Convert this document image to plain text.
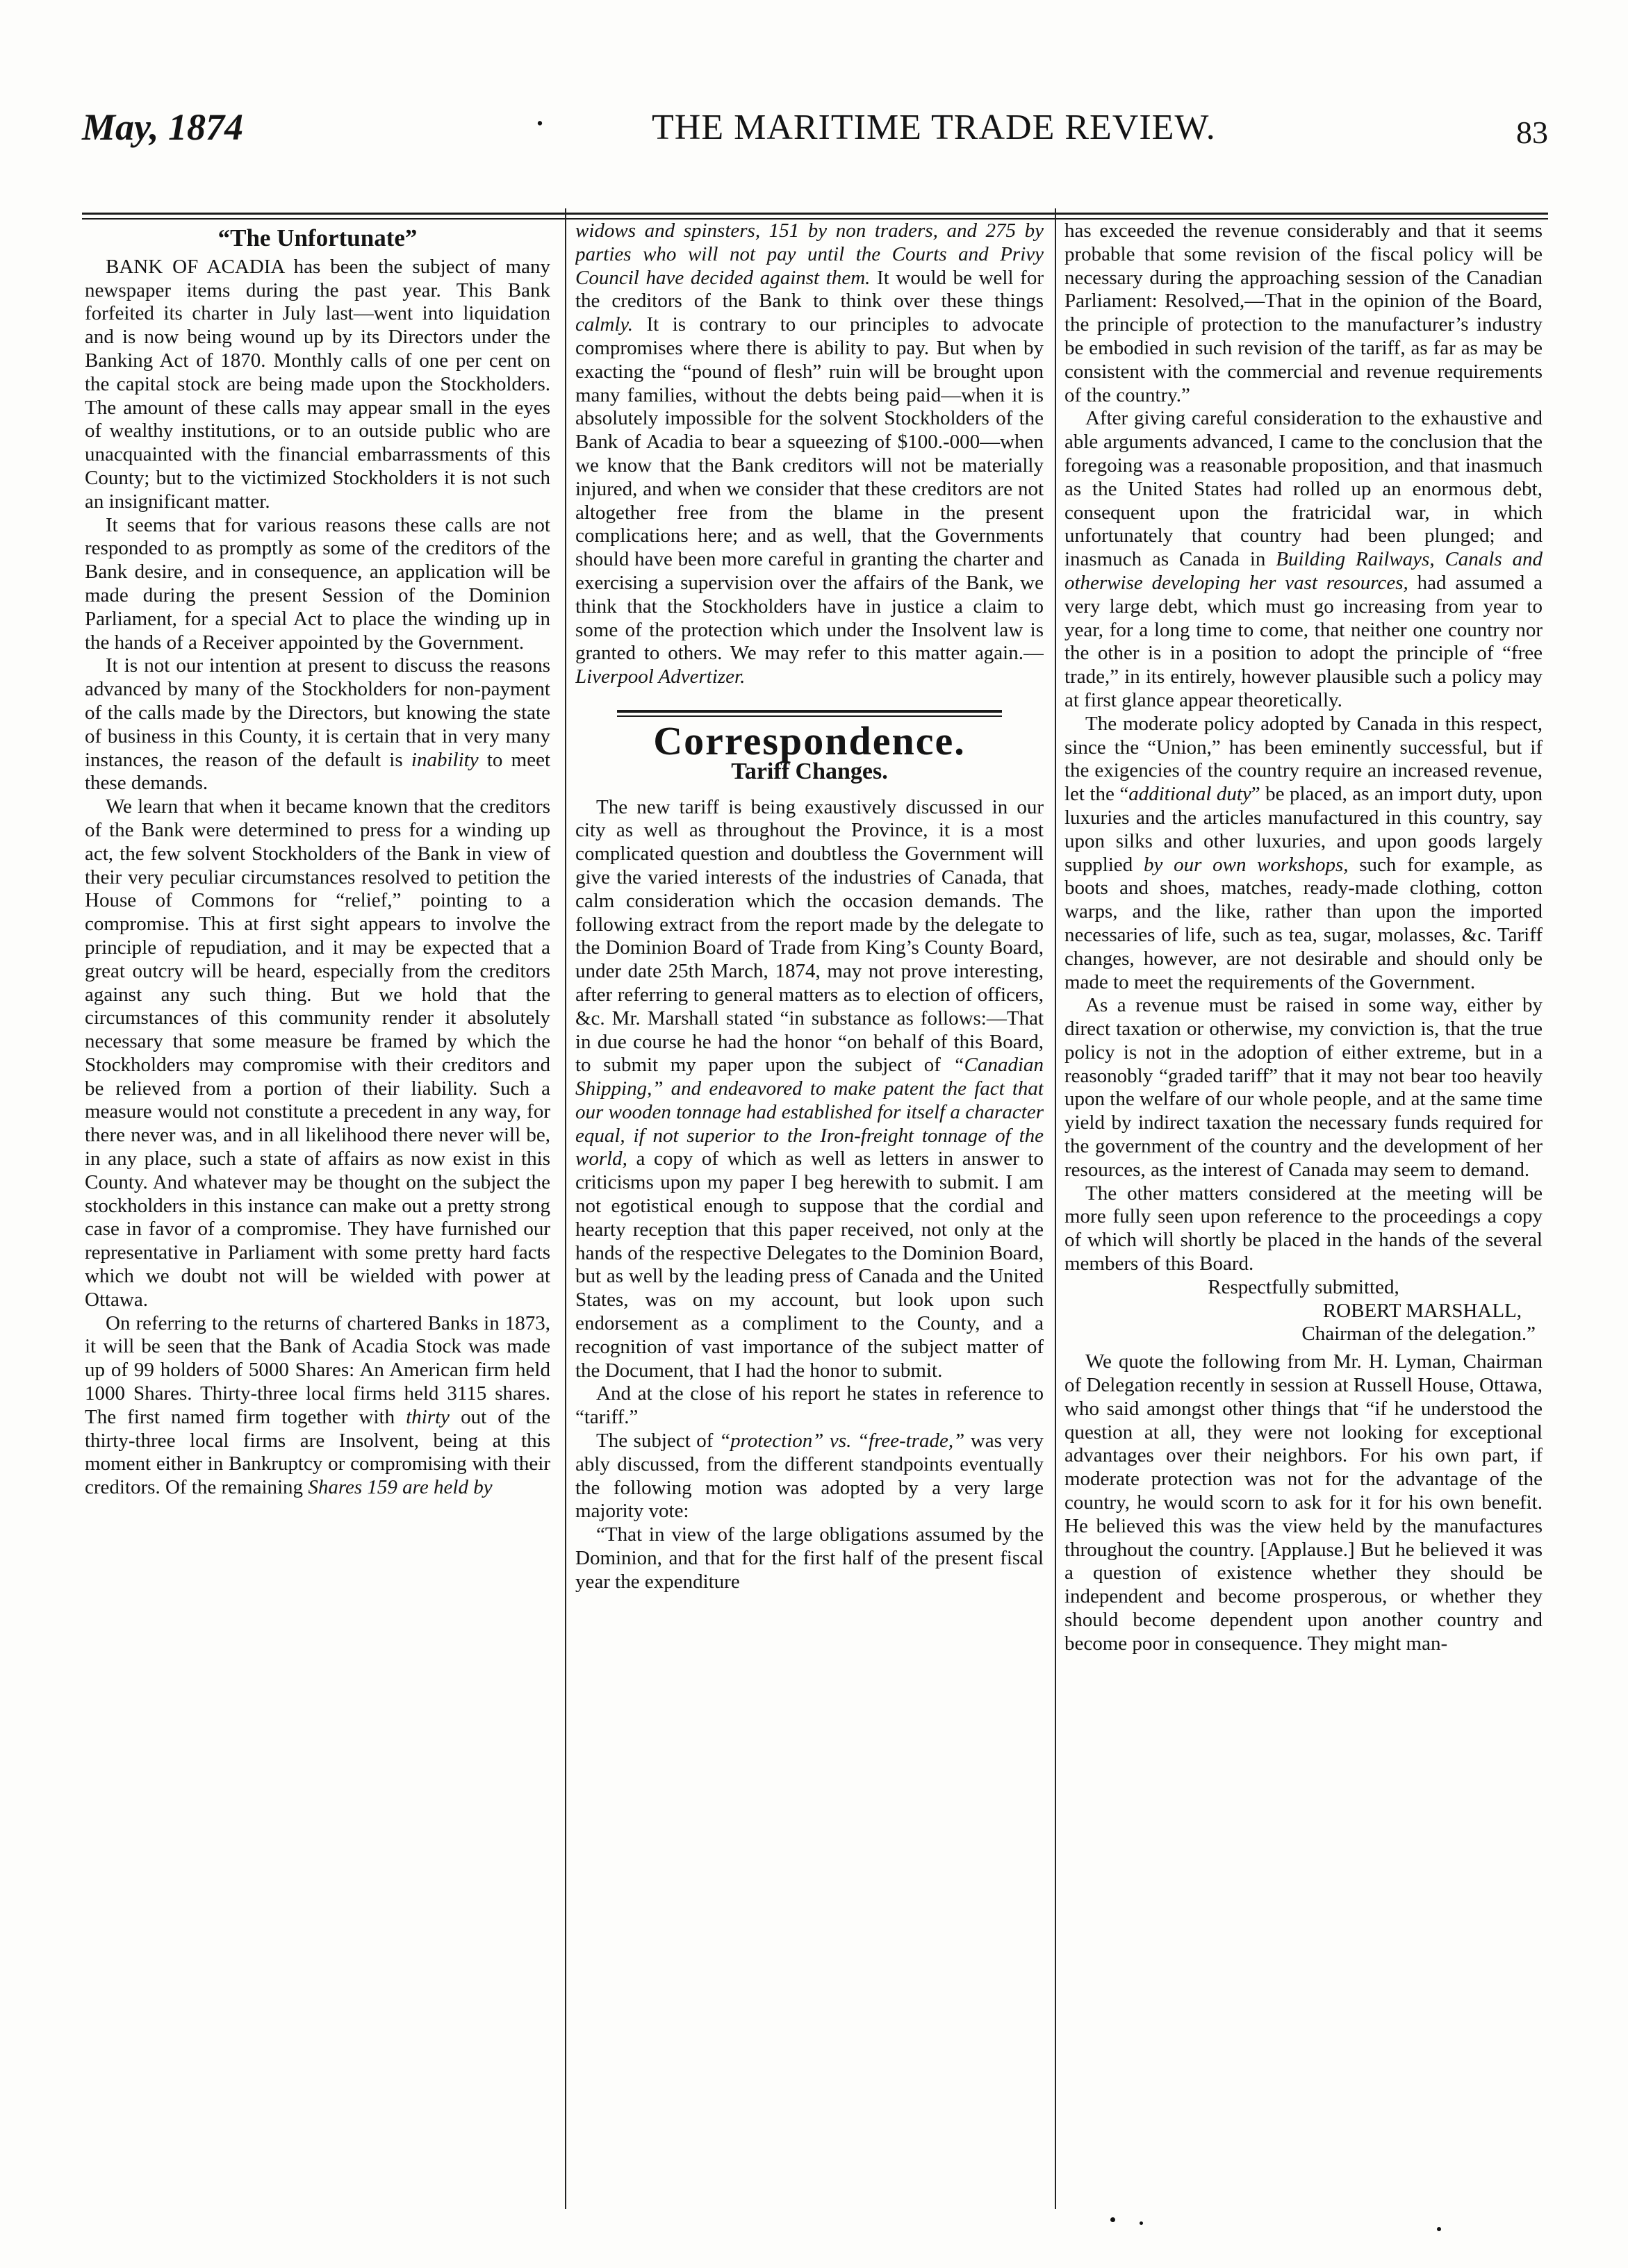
May, 1874	·	THE MARITIME TRADE REVIEW.	83
“The Unfortunate”

BANK OF ACADIA has been the subject of many newspaper items during the past year. This Bank forfeited its charter in July last—went into liquidation and is now being wound up by its Directors under the Banking Act of 1870. Monthly calls of one per cent on the capital stock are being made upon the Stockholders. The amount of these calls may appear small in the eyes of wealthy institutions, or to an outside public who are unacquainted with the financial embarrassments of this County; but to the victimized Stockholders it is not such an insignificant matter.

It seems that for various reasons these calls are not responded to as promptly as some of the creditors of the Bank desire, and in consequence, an application will be made during the present Session of the Dominion Parliament, for a special Act to place the winding up in the hands of a Receiver appointed by the Government.

It is not our intention at present to discuss the reasons advanced by many of the Stockholders for non-payment of the calls made by the Directors, but knowing the state of business in this County, it is certain that in very many instances, the reason of the default is inability to meet these demands.

We learn that when it became known that the creditors of the Bank were determined to press for a winding up act, the few solvent Stockholders of the Bank in view of their very peculiar circumstances resolved to petition the House of Commons for “relief,” pointing to a compromise. This at first sight appears to involve the principle of repudiation, and it may be expected that a great outcry will be heard, especially from the creditors against any such thing. But we hold that the circumstances of this community render it absolutely necessary that some measure be framed by which the Stockholders may compromise with their creditors and be relieved from a portion of their liability. Such a measure would not constitute a precedent in any way, for there never was, and in all likelihood there never will be, in any place, such a state of affairs as now exist in this County. And whatever may be thought on the subject the stockholders in this instance can make out a pretty strong case in favor of a compromise. They have furnished our representative in Parliament with some pretty hard facts which we doubt not will be wielded with power at Ottawa.

On referring to the returns of chartered Banks in 1873, it will be seen that the Bank of Acadia Stock was made up of 99 holders of 5000 Shares: An American firm held 1000 Shares. Thirty-three local firms held 3115 shares. The first named firm together with thirty out of the thirty-three local firms are Insolvent, being at this moment either in Bankruptcy or compromising with their creditors. Of the remaining Shares 159 are held by

widows and spinsters, 151 by non traders, and 275 by parties who will not pay until the Courts and Privy Council have decided against them. It would be well for the creditors of the Bank to think over these things calmly. It is contrary to our principles to advocate compromises where there is ability to pay. But when by exacting the “pound of flesh” ruin will be brought upon many families, without the debts being paid—when it is absolutely impossible for the solvent Stockholders of the Bank of Acadia to bear a squeezing of $100.-000—when we know that the Bank creditors will not be materially injured, and when we consider that these creditors are not altogether free from the blame in the present complications here; and as well, that the Governments should have been more careful in granting the charter and exercising a supervision over the affairs of the Bank, we think that the Stockholders have in justice a claim to some of the protection which under the Insolvent law is granted to others. We may refer to this matter again.—Liverpool Advertizer.

Correspondence.
Tariff Changes.

The new tariff is being exaustively discussed in our city as well as throughout the Province, it is a most complicated question and doubtless the Government will give the varied interests of the industries of Canada, that calm consideration which the occasion demands. The following extract from the report made by the delegate to the Dominion Board of Trade from King’s County Board, under date 25th March, 1874, may not prove interesting, after referring to general matters as to election of officers, &c. Mr. Marshall stated “in substance as follows:—That in due course he had the honor “on behalf of this Board, to submit my paper upon the subject of “Canadian Shipping,” and endeavored to make patent the fact that our wooden tonnage had established for itself a character equal, if not superior to the Iron-freight tonnage of the world, a copy of which as well as letters in answer to criticisms upon my paper I beg herewith to submit. I am not egotistical enough to suppose that the cordial and hearty reception that this paper received, not only at the hands of the respective Delegates to the Dominion Board, but as well by the leading press of Canada and the United States, was on my account, but look upon such endorsement as a compliment to the County, and a recognition of vast importance of the subject matter of the Document, that I had the honor to submit.

And at the close of his report he states in reference to “tariff.”

The subject of “protection” vs. “free-trade,” was very ably discussed, from the different standpoints eventually the following motion was adopted by a very large majority vote:

“That in view of the large obligations assumed by the Dominion, and that for the first half of the present fiscal year the expenditure

has exceeded the revenue considerably and that it seems probable that some revision of the fiscal policy will be necessary during the approaching session of the Canadian Parliament: Resolved,—That in the opinion of the Board, the principle of protection to the manufacturer’s industry be embodied in such revision of the tariff, as far as may be consistent with the commercial and revenue requirements of the country.”

After giving careful consideration to the exhaustive and able arguments advanced, I came to the conclusion that the foregoing was a reasonable proposition, and that inasmuch as the United States had rolled up an enormous debt, consequent upon the fratricidal war, in which unfortunately that country had been plunged; and inasmuch as Canada in Building Railways, Canals and otherwise developing her vast resources, had assumed a very large debt, which must go increasing from year to year, for a long time to come, that neither one country nor the other is in a position to adopt the principle of “free trade,” in its entirely, however plausible such a policy may at first glance appear theoretically.

The moderate policy adopted by Canada in this respect, since the “Union,” has been eminently successful, but if the exigencies of the country require an increased revenue, let the “additional duty” be placed, as an import duty, upon luxuries and the articles manufactured in this country, say upon silks and other luxuries, and upon goods largely supplied by our own workshops, such for example, as boots and shoes, matches, ready-made clothing, cotton warps, and the like, rather than upon the imported necessaries of life, such as tea, sugar, molasses, &c. Tariff changes, however, are not desirable and should only be made to meet the requirements of the Government.

As a revenue must be raised in some way, either by direct taxation or otherwise, my conviction is, that the true policy is not in the adoption of either extreme, but in a reasonobly “graded tariff” that it may not bear too heavily upon the welfare of our whole people, and at the same time yield by indirect taxation the necessary funds required for the government of the country and the development of her resources, as the interest of Canada may seem to demand.

The other matters considered at the meeting will be more fully seen upon reference to the proceedings a copy of which will shortly be placed in the hands of the several members of this Board.

Respectfully submitted,

ROBERT MARSHALL,

Chairman of the delegation.”

We quote the following from Mr. H. Lyman, Chairman of Delegation recently in session at Russell House, Ottawa, who said amongst other things that “if he understood the question at all, they were not looking for exceptional advantages over their neighbors. For his own part, if moderate protection was not for the advantage of the country, he would scorn to ask for it for his own benefit. He believed this was the view held by the manufactures throughout the country. [Applause.] But he believed it was a question of existence whether they should be independent and become prosperous, or whether they should become dependent upon another country and become poor in consequence. They might man-
